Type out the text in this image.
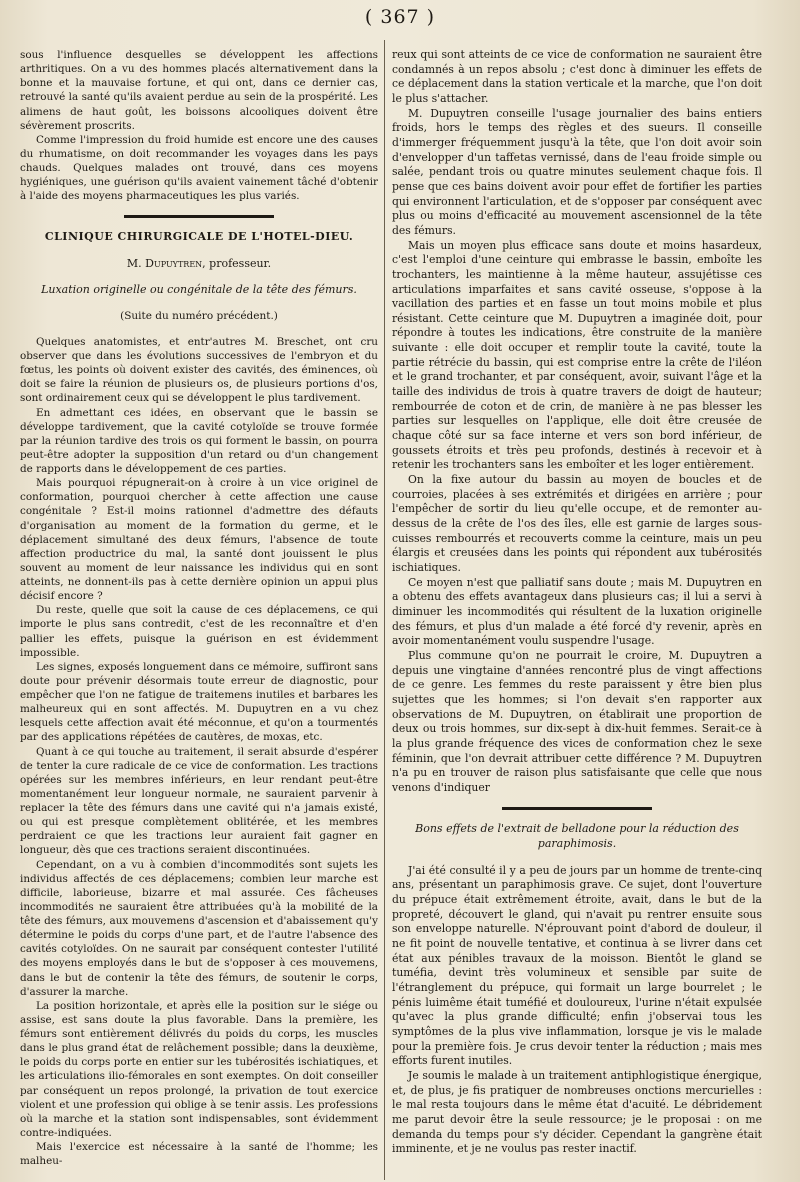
( 367 )

sous l'influence desquelles se développent les affections arthritiques. On a vu des hommes placés alternativement dans la bonne et la mauvaise fortune, et qui ont, dans ce dernier cas, retrouvé la santé qu'ils avaient perdue au sein de la prospérité. Les alimens de haut goût, les boissons alcooliques doivent être sévèrement proscrits.

Comme l'impression du froid humide est encore une des causes du rhumatisme, on doit recommander les voyages dans les pays chauds. Quelques malades ont trouvé, dans ces moyens hygiéniques, une guérison qu'ils avaient vainement tâché d'obtenir à l'aide des moyens pharmaceutiques les plus variés.

CLINIQUE CHIRURGICALE DE L'HOTEL-DIEU.
M. Dupuytren, professeur.
Luxation originelle ou congénitale de la tête des fémurs.
(Suite du numéro précédent.)

Quelques anatomistes, et entr'autres M. Breschet, ont cru observer que dans les évolutions successives de l'embryon et du fœtus, les points où doivent exister des cavités, des éminences, où doit se faire la réunion de plusieurs os, de plusieurs portions d'os, sont ordinairement ceux qui se développent le plus tardivement.

En admettant ces idées, en observant que le bassin se développe tardivement, que la cavité cotyloïde se trouve formée par la réunion tardive des trois os qui forment le bassin, on pourra peut-être adopter la supposition d'un retard ou d'un changement de rapports dans le développement de ces parties.

Mais pourquoi répugnerait-on à croire à un vice originel de conformation, pourquoi chercher à cette affection une cause congénitale ? Est-il moins rationnel d'admettre des défauts d'organisation au moment de la formation du germe, et le déplacement simultané des deux fémurs, l'absence de toute affection productrice du mal, la santé dont jouissent le plus souvent au moment de leur naissance les individus qui en sont atteints, ne donnent-ils pas à cette dernière opinion un appui plus décisif encore ?

Du reste, quelle que soit la cause de ces déplacemens, ce qui importe le plus sans contredit, c'est de les reconnaître et d'en pallier les effets, puisque la guérison en est évidemment impossible.

Les signes, exposés longuement dans ce mémoire, suffiront sans doute pour prévenir désormais toute erreur de diagnostic, pour empêcher que l'on ne fatigue de traitemens inutiles et barbares les malheureux qui en sont affectés. M. Dupuytren en a vu chez lesquels cette affection avait été méconnue, et qu'on a tourmentés par des applications répétées de cautères, de moxas, etc.

Quant à ce qui touche au traitement, il serait absurde d'espérer de tenter la cure radicale de ce vice de conformation. Les tractions opérées sur les membres inférieurs, en leur rendant peut-être momentanément leur longueur normale, ne sauraient parvenir à replacer la tête des fémurs dans une cavité qui n'a jamais existé, ou qui est presque complètement oblitérée, et les membres perdraient ce que les tractions leur auraient fait gagner en longueur, dès que ces tractions seraient discontinuées.

Cependant, on a vu à combien d'incommodités sont sujets les individus affectés de ces déplacemens; combien leur marche est difficile, laborieuse, bizarre et mal assurée. Ces fâcheuses incommodités ne sauraient être attribuées qu'à la mobilité de la tête des fémurs, aux mouvemens d'ascension et d'abaissement qu'y détermine le poids du corps d'une part, et de l'autre l'absence des cavités cotyloïdes. On ne saurait par conséquent contester l'utilité des moyens employés dans le but de s'opposer à ces mouvemens, dans le but de contenir la tête des fémurs, de soutenir le corps, d'assurer la marche.

La position horizontale, et après elle la position sur le siége ou assise, est sans doute la plus favorable. Dans la première, les fémurs sont entièrement délivrés du poids du corps, les muscles dans le plus grand état de relâchement possible; dans la deuxième, le poids du corps porte en entier sur les tubérosités ischiatiques, et les articulations ilio-fémorales en sont exemptes. On doit conseiller par conséquent un repos prolongé, la privation de tout exercice violent et une profession qui oblige à se tenir assis. Les professions où la marche et la station sont indispensables, sont évidemment contre-indiquées.

Mais l'exercice est nécessaire à la santé de l'homme; les malheu-

reux qui sont atteints de ce vice de conformation ne sauraient être condamnés à un repos absolu ; c'est donc à diminuer les effets de ce déplacement dans la station verticale et la marche, que l'on doit le plus s'attacher.

M. Dupuytren conseille l'usage journalier des bains entiers froids, hors le temps des règles et des sueurs. Il conseille d'immerger fréquemment jusqu'à la tête, que l'on doit avoir soin d'envelopper d'un taffetas vernissé, dans de l'eau froide simple ou salée, pendant trois ou quatre minutes seulement chaque fois. Il pense que ces bains doivent avoir pour effet de fortifier les parties qui environnent l'articulation, et de s'opposer par conséquent avec plus ou moins d'efficacité au mouvement ascensionnel de la tête des fémurs.

Mais un moyen plus efficace sans doute et moins hasardeux, c'est l'emploi d'une ceinture qui embrasse le bassin, emboîte les trochanters, les maintienne à la même hauteur, assujétisse ces articulations imparfaites et sans cavité osseuse, s'oppose à la vacillation des parties et en fasse un tout moins mobile et plus résistant. Cette ceinture que M. Dupuytren a imaginée doit, pour répondre à toutes les indications, être construite de la manière suivante : elle doit occuper et remplir toute la cavité, toute la partie rétrécie du bassin, qui est comprise entre la crête de l'iléon et le grand trochanter, et par conséquent, avoir, suivant l'âge et la taille des individus de trois à quatre travers de doigt de hauteur; rembourrée de coton et de crin, de manière à ne pas blesser les parties sur lesquelles on l'applique, elle doit être creusée de chaque côté sur sa face interne et vers son bord inférieur, de goussets étroits et très peu profonds, destinés à recevoir et à retenir les trochanters sans les emboîter et les loger entièrement.

On la fixe autour du bassin au moyen de boucles et de courroies, placées à ses extrémités et dirigées en arrière ; pour l'empêcher de sortir du lieu qu'elle occupe, et de remonter au-dessus de la crête de l'os des îles, elle est garnie de larges sous-cuisses rembourrés et recouverts comme la ceinture, mais un peu élargis et creusées dans les points qui répondent aux tubérosités ischiatiques.

Ce moyen n'est que palliatif sans doute ; mais M. Dupuytren en a obtenu des effets avantageux dans plusieurs cas; il lui a servi à diminuer les incommodités qui résultent de la luxation originelle des fémurs, et plus d'un malade a été forcé d'y revenir, après en avoir momentanément voulu suspendre l'usage.

Plus commune qu'on ne pourrait le croire, M. Dupuytren a depuis une vingtaine d'années rencontré plus de vingt affections de ce genre. Les femmes du reste paraissent y être bien plus sujettes que les hommes; si l'on devait s'en rapporter aux observations de M. Dupuytren, on établirait une proportion de deux ou trois hommes, sur dix-sept à dix-huit femmes. Serait-ce à la plus grande fréquence des vices de conformation chez le sexe féminin, que l'on devrait attribuer cette différence ? M. Dupuytren n'a pu en trouver de raison plus satisfaisante que celle que nous venons d'indiquer

Bons effets de l'extrait de belladone pour la réduction des paraphimosis.

J'ai été consulté il y a peu de jours par un homme de trente-cinq ans, présentant un paraphimosis grave. Ce sujet, dont l'ouverture du prépuce était extrêmement étroite, avait, dans le but de la propreté, découvert le gland, qui n'avait pu rentrer ensuite sous son enveloppe naturelle. N'éprouvant point d'abord de douleur, il ne fit point de nouvelle tentative, et continua à se livrer dans cet état aux pénibles travaux de la moisson. Bientôt le gland se tuméfia, devint très volumineux et sensible par suite de l'étranglement du prépuce, qui formait un large bourrelet ; le pénis luimême était tuméfié et douloureux, l'urine n'était expulsée qu'avec la plus grande difficulté; enfin j'observai tous les symptômes de la plus vive inflammation, lorsque je vis le malade pour la première fois. Je crus devoir tenter la réduction ; mais mes efforts furent inutiles.

Je soumis le malade à un traitement antiphlogistique énergique, et, de plus, je fis pratiquer de nombreuses onctions mercurielles : le mal resta toujours dans le même état d'acuité. Le débridement me parut devoir être la seule ressource; je le proposai : on me demanda du temps pour s'y décider. Cependant la gangrène était imminente, et je ne voulus pas rester inactif.
